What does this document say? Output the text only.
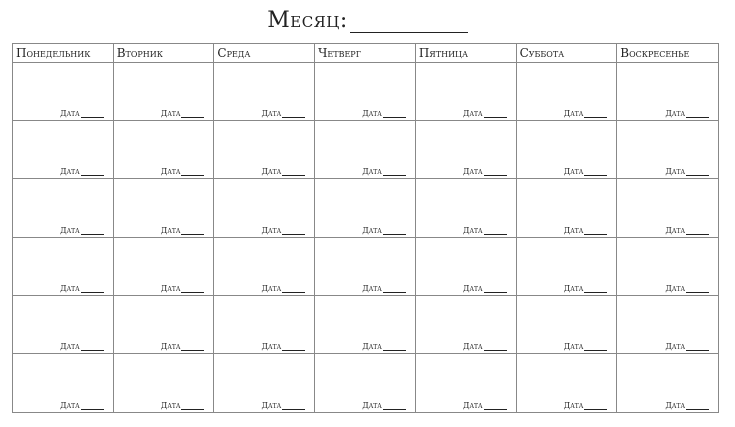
Месяц:
Понедельник	Вторник	Среда	Четверг	Пятница	Суббота	Воскресенье
Дата	Дата	Дата	Дата	Дата	Дата	Дата
Дата	Дата	Дата	Дата	Дата	Дата	Дата
Дата	Дата	Дата	Дата	Дата	Дата	Дата
Дата	Дата	Дата	Дата	Дата	Дата	Дата
Дата	Дата	Дата	Дата	Дата	Дата	Дата
Дата	Дата	Дата	Дата	Дата	Дата	Дата
